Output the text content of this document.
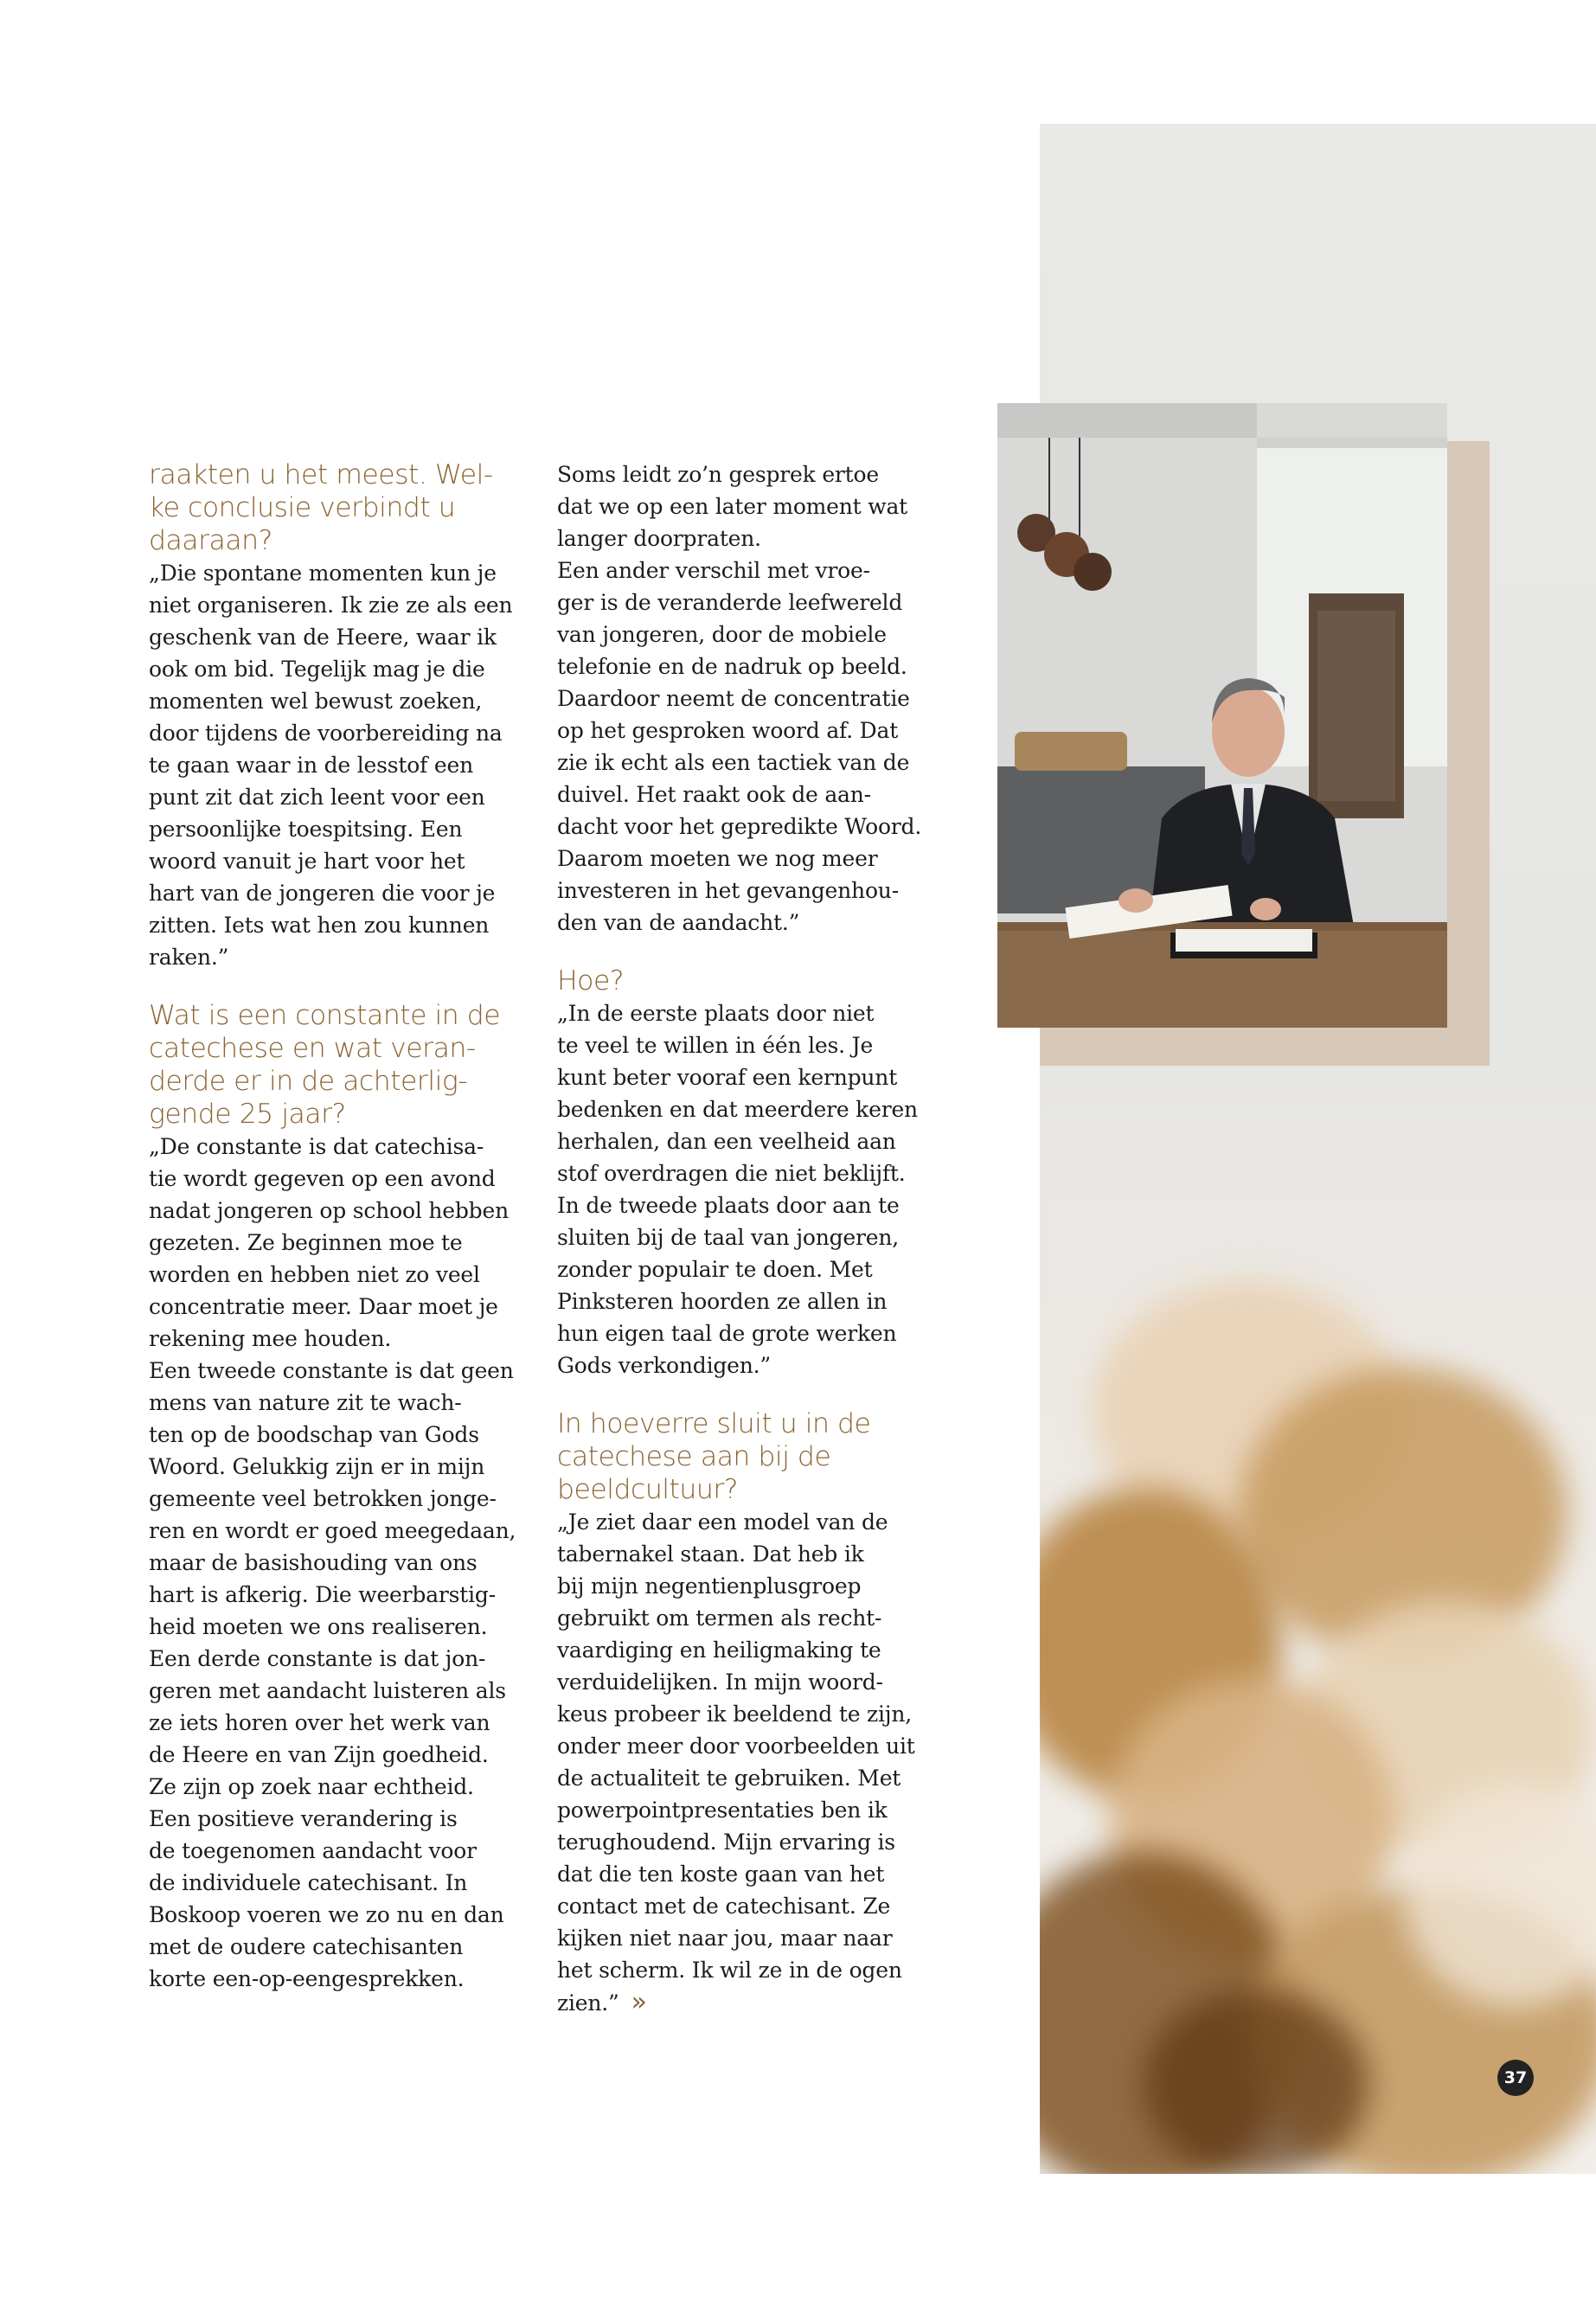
raakten u het meest. Wel-
ke conclusie verbindt u
daaraan?
„Die spontane momenten kun je
niet organiseren. Ik zie ze als een
geschenk van de Heere, waar ik
ook om bid. Tegelijk mag je die
momenten wel bewust zoeken,
door tijdens de voorbereiding na
te gaan waar in de lesstof een
punt zit dat zich leent voor een
persoonlijke toespitsing. Een
woord vanuit je hart voor het
hart van de jongeren die voor je
zitten. Iets wat hen zou kunnen
raken.”
Wat is een constante in de
catechese en wat veran-
derde er in de achterlig-
gende 25 jaar?
„De constante is dat catechisa-
tie wordt gegeven op een avond
nadat jongeren op school hebben
gezeten. Ze beginnen moe te
worden en hebben niet zo veel
concentratie meer. Daar moet je
rekening mee houden.
Een tweede constante is dat geen
mens van nature zit te wach-
ten op de boodschap van Gods
Woord. Gelukkig zijn er in mijn
gemeente veel betrokken jonge-
ren en wordt er goed meegedaan,
maar de basishouding van ons
hart is afkerig. Die weerbarstig-
heid moeten we ons realiseren.
Een derde constante is dat jon-
geren met aandacht luisteren als
ze iets horen over het werk van
de Heere en van Zijn goedheid.
Ze zijn op zoek naar echtheid.
Een positieve verandering is
de toegenomen aandacht voor
de individuele catechisant. In
Boskoop voeren we zo nu en dan
met de oudere catechisanten
korte een-op-eengesprekken.
Soms leidt zo’n gesprek ertoe
dat we op een later moment wat
langer doorpraten.
Een ander verschil met vroe-
ger is de veranderde leefwereld
van jongeren, door de mobiele
telefonie en de nadruk op beeld.
Daardoor neemt de concentratie
op het gesproken woord af. Dat
zie ik echt als een tactiek van de
duivel. Het raakt ook de aan-
dacht voor het gepredikte Woord.
Daarom moeten we nog meer
investeren in het gevangenhou-
den van de aandacht.”
Hoe?
„In de eerste plaats door niet
te veel te willen in één les. Je
kunt beter vooraf een kernpunt
bedenken en dat meerdere keren
herhalen, dan een veelheid aan
stof overdragen die niet beklijft.
In de tweede plaats door aan te
sluiten bij de taal van jongeren,
zonder populair te doen. Met
Pinksteren hoorden ze allen in
hun eigen taal de grote werken
Gods verkondigen.”
In hoeverre sluit u in de
catechese aan bij de
beeldcultuur?
„Je ziet daar een model van de
tabernakel staan. Dat heb ik
bij mijn negentienplusgroep
gebruikt om termen als recht-
vaardiging en heiligmaking te
verduidelijken. In mijn woord-
keus probeer ik beeldend te zijn,
onder meer door voorbeelden uit
de actualiteit te gebruiken. Met
powerpointpresentaties ben ik
terughoudend. Mijn ervaring is
dat die ten koste gaan van het
contact met de catechisant. Ze
kijken niet naar jou, maar naar
het scherm. Ik wil ze in de ogen
zien.” »
37
